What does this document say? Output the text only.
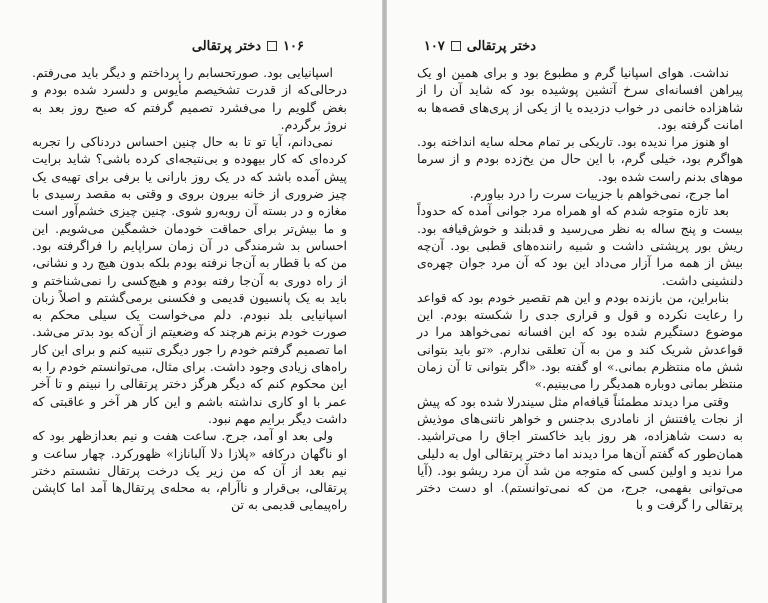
۱۰۶
دختر پرتقالی

اسپانیایی بود. صورتحسابم را پرداختم و دیگر باید می‌رفتم. درحالی‌که از قدرت تشخیصم مأیوس و دلسرد شده بودم و بغض گلویم را می‌فشرد تصمیم گرفتم که صبح روز بعد به نروژ برگردم.

نمی‌دانم، آیا تو تا به حال چنین احساس دردناکی را تجربه کرده‌ای که کار بیهوده و بی‌نتیجه‌ای کرده باشی؟ شاید برایت پیش آمده باشد که در یک روز بارانی یا برفی برای تهیه‌ی یک چیز ضروری از خانه بیرون بروی و وقتی به مقصد رسیدی با مغازه و در بسته آن روبه‌رو شوی. چنین چیزی خشم‌آور است و ما بیش‌تر برای حماقت خودمان خشمگین می‌شویم. این احساس بد شرمندگی در آن زمان سراپایم را فراگرفته بود. من که با قطار به آن‌جا نرفته بودم بلکه بدون هیچ رد و نشانی، از راه دوری به آن‌جا رفته بودم و هیچ‌کسی را نمی‌شناختم و باید به یک پانسیون قدیمی و فکسنی برمی‌گشتم و اصلاً زبان اسپانیایی بلد نبودم. دلم می‌خواست یک سیلی محکم به صورت خودم بزنم هرچند که وضعیتم از آن‌که بود بدتر می‌شد. اما تصمیم گرفتم خودم را جور دیگری تنبیه کنم و برای این کار راه‌های زیادی وجود داشت. برای مثال، می‌توانستم خودم را به این محکوم کنم که دیگر هرگز دختر پرتقالی را نبینم و تا آخر عمر با او کاری نداشته باشم و این کار هر آخر و عاقبتی که داشت دیگر برایم مهم نبود.

ولی بعد او آمد، جرج. ساعت هفت و نیم بعدازظهر بود که او ناگهان درکافه «پلازا دلا آلبانازا» ظهورکرد. چهار ساعت و نیم بعد از آن که من زیر یک درخت پرتقال نشستم دختر پرتقالی، بی‌قرار و ناآرام، به محله‌ی پرتقال‌ها آمد اما کاپشن راه‌پیمایی قدیمی به تن

دختر پرتقالی
۱۰۷

نداشت. هوای اسپانیا گرم و مطبوع بود و برای همین او یک پیراهن افسانه‌ای سرخ آتشین پوشیده بود که شاید آن را از شاهزاده خانمی در خواب دزدیده یا از یکی از پری‌های قصه‌ها به امانت گرفته بود.

او هنوز مرا ندیده بود. تاریکی بر تمام محله سایه انداخته بود. هواگرم بود، خیلی گرم، با این حال من یخ‌زده بودم و از سرما موهای بدنم راست شده بود.

اما جرج، نمی‌خواهم با جزییات سرت را درد بیاورم.

بعد تازه متوجه شدم که او همراه مرد جوانی آمده که حدوداً بیست و پنج ساله به نظر می‌رسید و قدبلند و خوش‌قیافه بود. ریش بور پرپشتی داشت و شبیه راننده‌های قطبی بود. آن‌چه بیش از همه مرا آزار می‌داد این بود که آن مرد جوان چهره‌ی دلنشینی داشت.

بنابراین، من بازنده بودم و این هم تقصیر خودم بود که قواعد را رعایت نکرده و قول و قراری جدی را شکسته بودم. این موضوع دستگیرم شده بود که این افسانه نمی‌خواهد مرا در قواعدش شریک کند و من به آن تعلقی ندارم. «تو باید بتوانی شش ماه منتظرم بمانی.» او گفته بود. «اگر بتوانی تا آن زمان منتظر بمانی دوباره همدیگر را می‌بینیم.»

وقتی مرا دیدند مطمئناً قیافه‌ام مثل سیندرلا شده بود که پیش از نجات یافتنش از نامادری بدجنس و خواهر ناتنی‌های موذیش به دست شاهزاده، هر روز باید خاکستر اجاق را می‌تراشید. همان‌طور که گفتم آن‌ها مرا دیدند اما دختر پرتقالی اول به دلیلی مرا ندید و اولین کسی که متوجه من شد آن مرد ریشو بود. (آیا می‌توانی بفهمی، جرج، من که نمی‌توانستم). او دست دختر پرتقالی را گرفت و با
